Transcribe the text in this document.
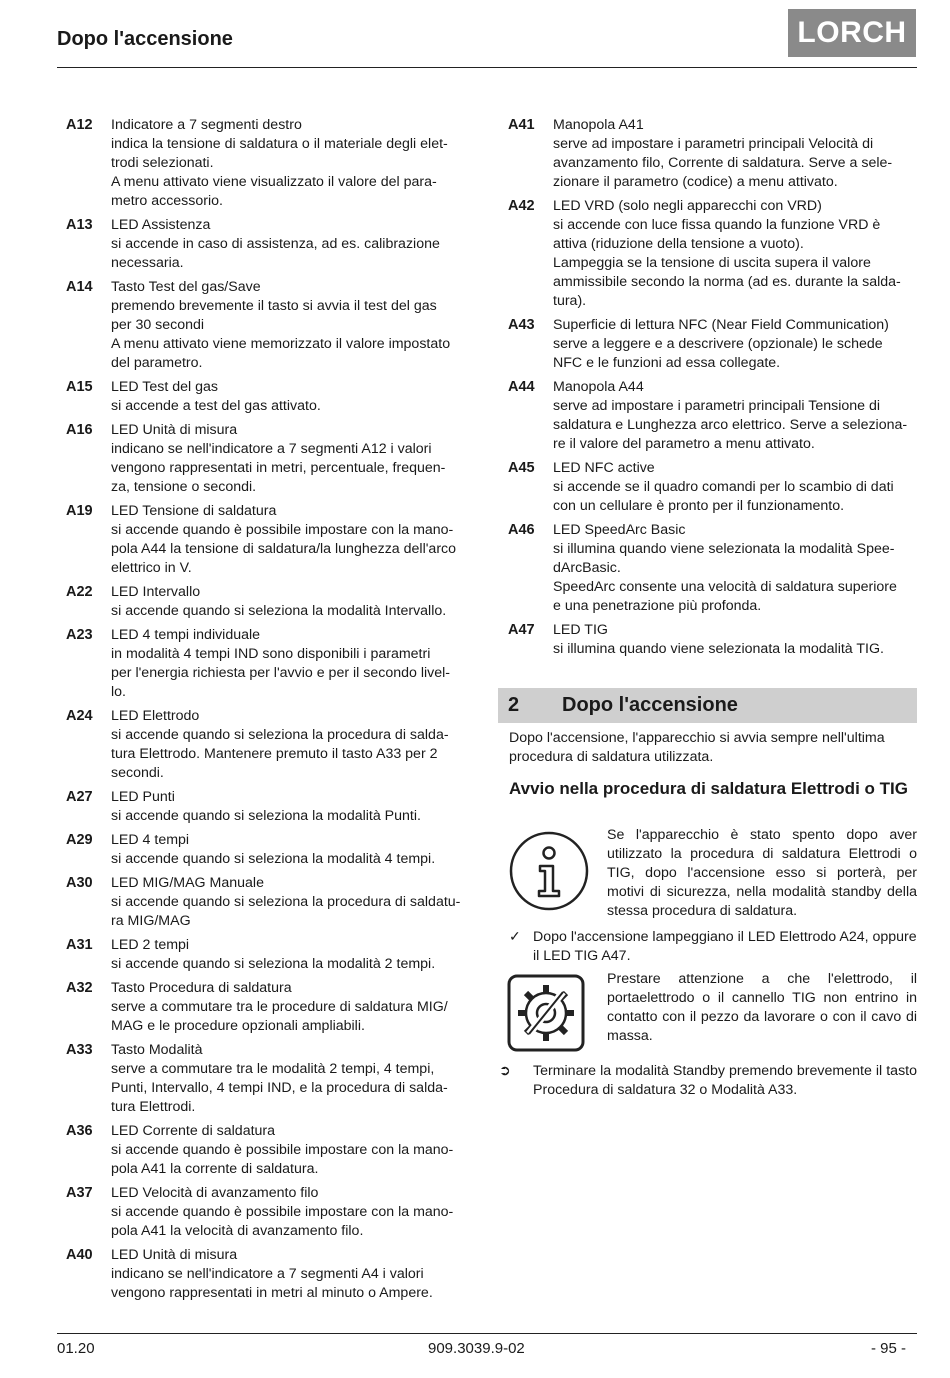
Dopo l'accensione	LORCH
A12	Indicatore a 7 segmenti destro
indica la tensione di saldatura o il materiale degli elet-
trodi selezionati.
A menu attivato viene visualizzato il valore del para-
metro accessorio.
A13	LED Assistenza
si accende in caso di assistenza, ad es. calibrazione
necessaria.
A14	Tasto Test del gas/Save
premendo brevemente il tasto si avvia il test del gas
per 30 secondi
A menu attivato viene memorizzato il valore impostato
del parametro.
A15	LED Test del gas
si accende a test del gas attivato.
A16	LED Unità di misura
indicano se nell'indicatore a 7 segmenti A12 i valori
vengono rappresentati in metri, percentuale, frequen-
za, tensione o secondi.
A19	LED Tensione di saldatura
si accende quando è possibile impostare con la mano-
pola A44 la tensione di saldatura/la lunghezza dell'arco
elettrico in V.
A22	LED Intervallo
si accende quando si seleziona la modalità Intervallo.
A23	LED 4 tempi individuale
in modalità 4 tempi IND sono disponibili i parametri
per l'energia richiesta per l'avvio e per il secondo livel-
lo.
A24	LED Elettrodo
si accende quando si seleziona la procedura di salda-
tura Elettrodo. Mantenere premuto il tasto A33 per 2
secondi.
A27	LED Punti
si accende quando si seleziona la modalità Punti.
A29	LED 4 tempi
si accende quando si seleziona la modalità 4 tempi.
A30	LED MIG/MAG Manuale
si accende quando si seleziona la procedura di saldatu-
ra MIG/MAG
A31	LED 2 tempi
si accende quando si seleziona la modalità 2 tempi.
A32	Tasto Procedura di saldatura
serve a commutare tra le procedure di saldatura MIG/
MAG e le procedure opzionali ampliabili.
A33	Tasto Modalità
serve a commutare tra le modalità 2 tempi, 4 tempi,
Punti, Intervallo, 4 tempi IND, e la procedura di salda-
tura Elettrodi.
A36	LED Corrente di saldatura
si accende quando è possibile impostare con la mano-
pola A41 la corrente di saldatura.
A37	LED Velocità di avanzamento filo
si accende quando è possibile impostare con la mano-
pola A41 la velocità di avanzamento filo.
A40	LED Unità di misura
indicano se nell'indicatore a 7 segmenti A4 i valori
vengono rappresentati in metri al minuto o Ampere.
A41	Manopola A41
serve ad impostare i parametri principali Velocità di
avanzamento filo, Corrente di saldatura. Serve a sele-
zionare il parametro (codice) a menu attivato.
A42	LED VRD (solo negli apparecchi con VRD)
si accende con luce fissa quando la funzione VRD è
attiva (riduzione della tensione a vuoto).
Lampeggia se la tensione di uscita supera il valore
ammissibile secondo la norma (ad es. durante la salda-
tura).
A43	Superficie di lettura NFC (Near Field Communication)
serve a leggere e a descrivere (opzionale) le schede
NFC e le funzioni ad essa collegate.
A44	Manopola A44
serve ad impostare i parametri principali Tensione di
saldatura e Lunghezza arco elettrico. Serve a seleziona-
re il valore del parametro a menu attivato.
A45	LED NFC active
si accende se il quadro comandi per lo scambio di dati
con un cellulare è pronto per il funzionamento.
A46	LED SpeedArc Basic
si illumina quando viene selezionata la modalità Spee-
dArcBasic.
SpeedArc consente una velocità di saldatura superiore
e una penetrazione più profonda.
A47	LED TIG
si illumina quando viene selezionata la modalità TIG.
2	Dopo l'accensione
Dopo l'accensione, l'apparecchio si avvia sempre nell'ultima procedura di saldatura utilizzata.
Avvio nella procedura di saldatura Elettrodi o TIG
Se l'apparecchio è stato spento dopo aver utilizzato la procedura di saldatura Elettrodi o TIG, dopo l'accensione esso si porterà, per motivi di sicurezza, nella modalità standby della stessa procedura di saldatura.
✓ Dopo l'accensione lampeggiano il LED Elettrodo A24, oppure il LED TIG A47.
Prestare attenzione a che l'elettrodo, il portaelettrodo o il cannello TIG non entrino in contatto con il pezzo da lavorare o con il cavo di massa.
➲	Terminare la modalità Standby premendo brevemente il tasto Procedura di saldatura 32 o Modalità A33.
01.20	909.3039.9-02	- 95 -
